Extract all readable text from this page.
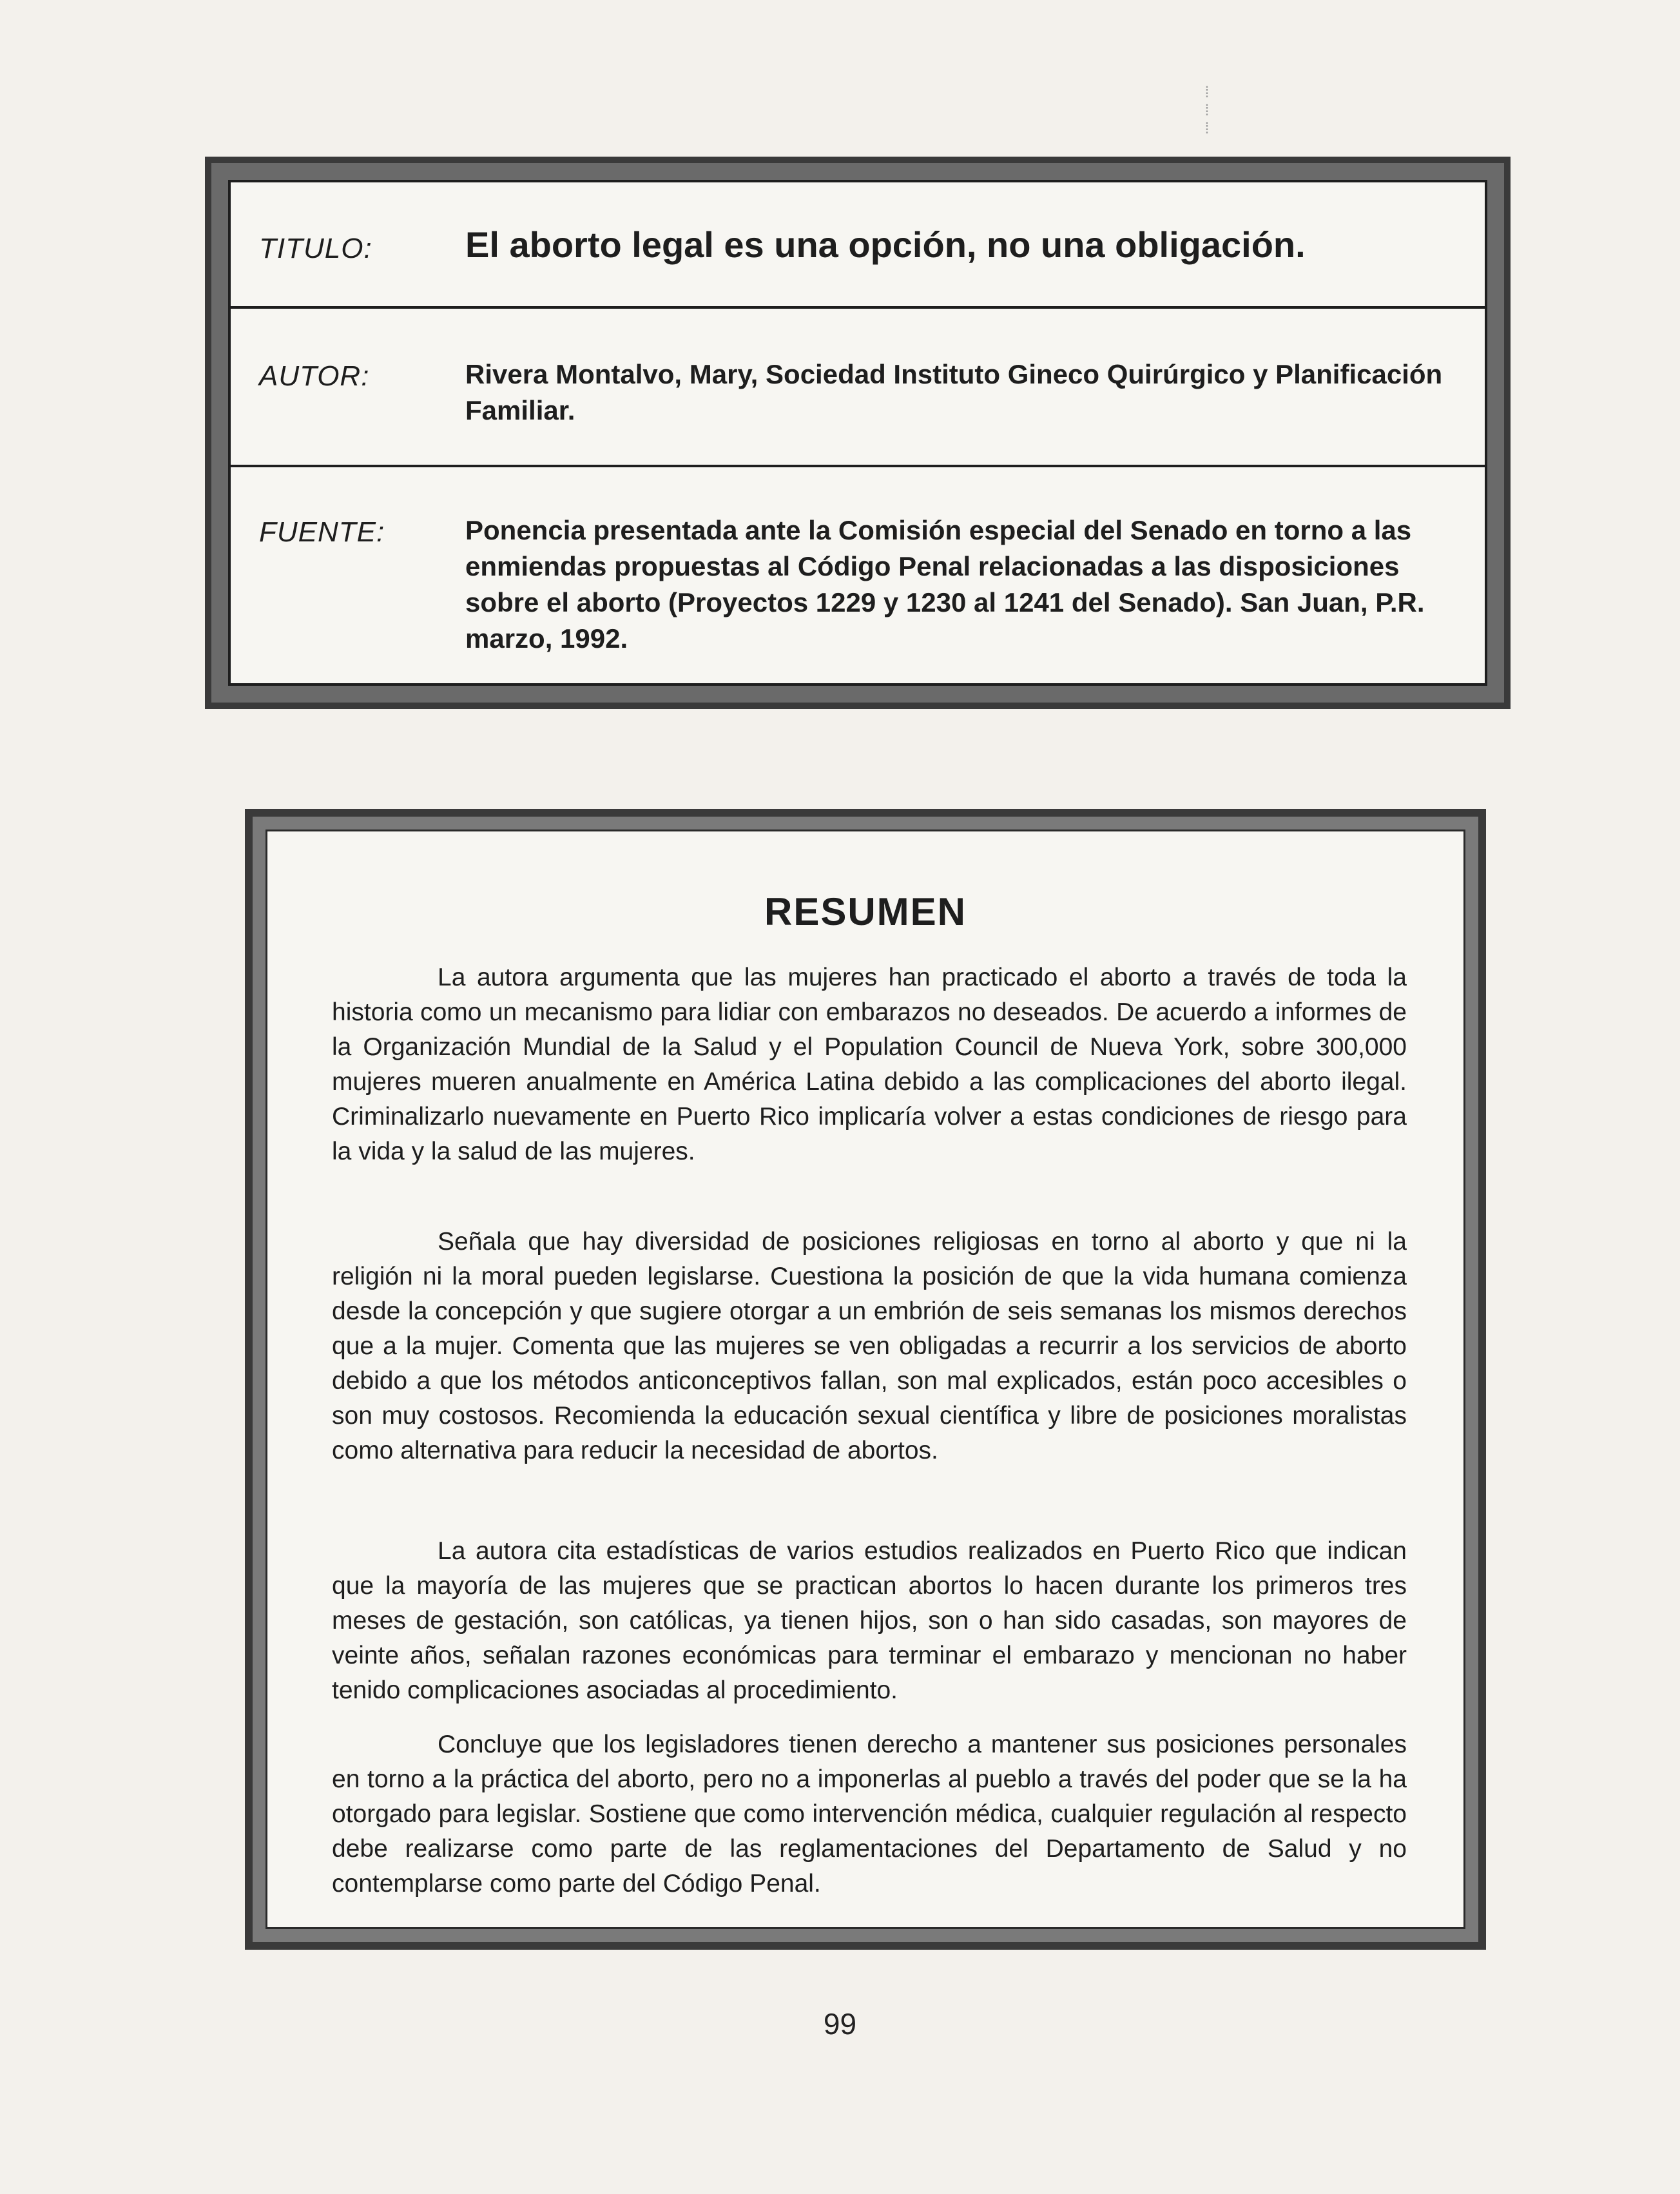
⁞
⁞
⁞
TITULO:	El aborto legal es una opción, no una obligación.
AUTOR:	Rivera Montalvo, Mary, Sociedad Instituto Gineco Quirúrgico y Planificación Familiar.
FUENTE:	Ponencia presentada ante la Comisión especial del Senado en torno a las enmiendas propuestas al Código Penal relacionadas a las disposiciones sobre el aborto (Proyectos 1229 y 1230 al 1241 del Senado). San Juan, P.R. marzo, 1992.
RESUMEN
La autora argumenta que las mujeres han practicado el aborto a través de toda la historia como un mecanismo para lidiar con embarazos no deseados. De acuerdo a informes de la Organización Mundial de la Salud y el Population Council de Nueva York, sobre 300,000 mujeres mueren anualmente en América Latina debido a las complicaciones del aborto ilegal. Criminalizarlo nuevamente en Puerto Rico implicaría volver a estas condiciones de riesgo para la vida y la salud de las mujeres.
Señala que hay diversidad de posiciones religiosas en torno al aborto y que ni la religión ni la moral pueden legislarse. Cuestiona la posición de que la vida humana comienza desde la concepción y que sugiere otorgar a un embrión de seis semanas los mismos derechos que a la mujer. Comenta que las mujeres se ven obligadas a recurrir a los servicios de aborto debido a que los métodos anticonceptivos fallan, son mal explicados, están poco accesibles o son muy costosos. Recomienda la educación sexual científica y libre de posiciones moralistas como alternativa para reducir la necesidad de abortos.
La autora cita estadísticas de varios estudios realizados en Puerto Rico que indican que la mayoría de las mujeres que se practican abortos lo hacen durante los primeros tres meses de gestación, son católicas, ya tienen hijos, son o han sido casadas, son mayores de veinte años, señalan razones económicas para terminar el embarazo y mencionan no haber tenido complicaciones asociadas al procedimiento.
Concluye que los legisladores tienen derecho a mantener sus posiciones personales en torno a la práctica del aborto, pero no a imponerlas al pueblo a través del poder que se la ha otorgado para legislar. Sostiene que como intervención médica, cualquier regulación al respecto debe realizarse como parte de las reglamentaciones del Departamento de Salud y no contemplarse como parte del Código Penal.
99
